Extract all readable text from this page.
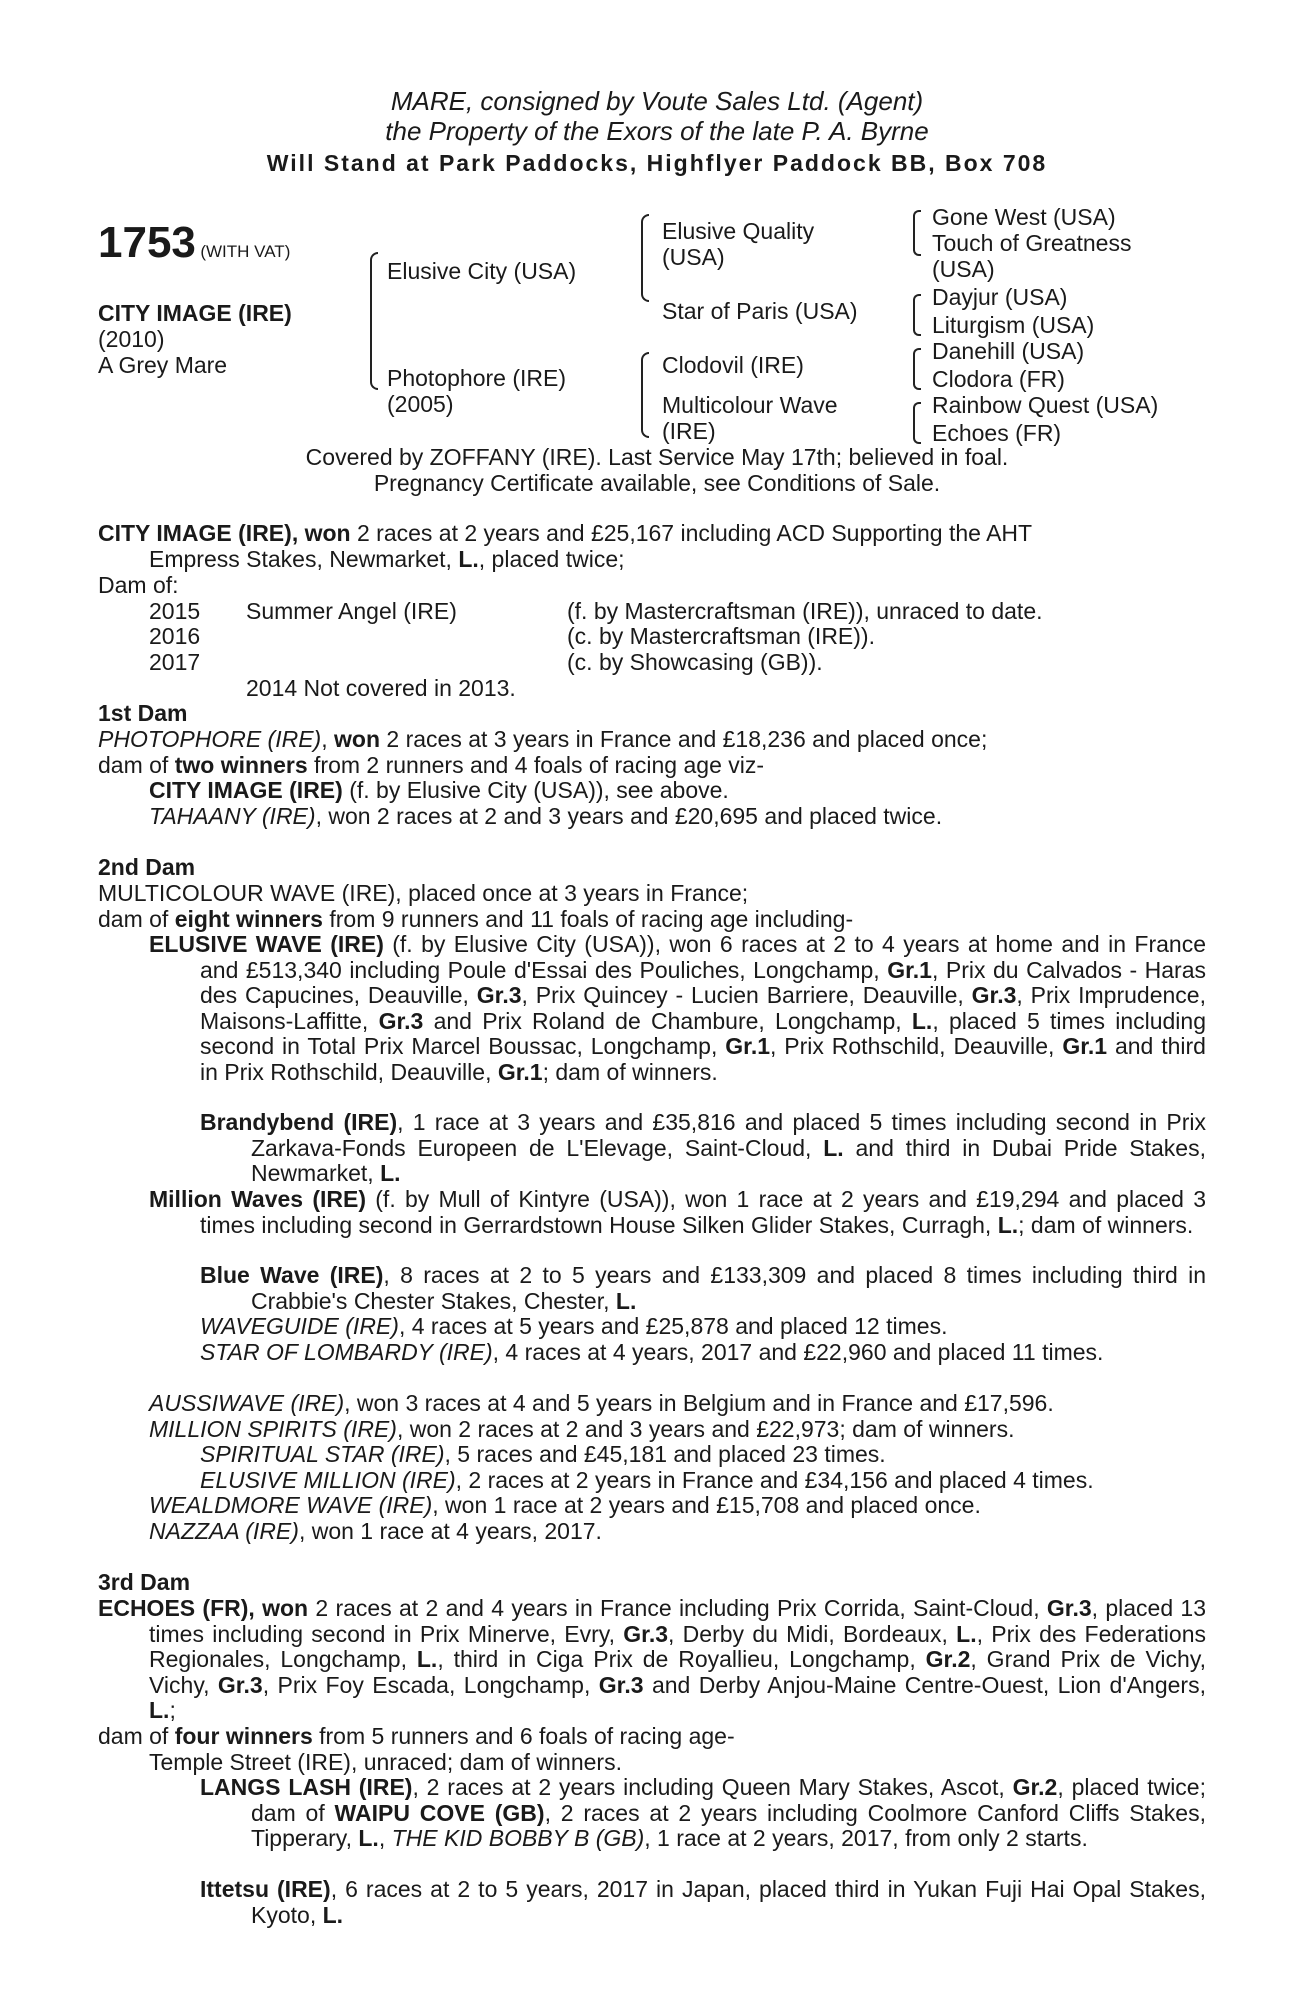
MARE, consigned by Voute Sales Ltd. (Agent)
the Property of the Exors of the late P. A. Byrne
Will Stand at Park Paddocks, Highflyer Paddock BB, Box 708
1753 (WITH VAT)
CITY IMAGE (IRE)
(2010)
A Grey Mare
Elusive City (USA)
Photophore (IRE)
(2005)
Elusive Quality
(USA)
Star of Paris (USA)
Clodovil (IRE)
Multicolour Wave
(IRE)
Gone West (USA)
Touch of Greatness
(USA)
Dayjur (USA)
Liturgism (USA)
Danehill (USA)
Clodora (FR)
Rainbow Quest (USA)
Echoes (FR)
Covered by ZOFFANY (IRE). Last Service May 17th; believed in foal.
Pregnancy Certificate available, see Conditions of Sale.
CITY IMAGE (IRE), won 2 races at 2 years and £25,167 including ACD Supporting the AHT
Empress Stakes, Newmarket, L., placed twice;
Dam of:
2015 Summer Angel (IRE)	(f. by Mastercraftsman (IRE)), unraced to date.
2016	(c. by Mastercraftsman (IRE)).
2017	(c. by Showcasing (GB)).
2014 Not covered in 2013.
1st Dam
PHOTOPHORE (IRE), won 2 races at 3 years in France and £18,236 and placed once;
dam of two winners from 2 runners and 4 foals of racing age viz-
CITY IMAGE (IRE) (f. by Elusive City (USA)), see above.
TAHAANY (IRE), won 2 races at 2 and 3 years and £20,695 and placed twice.
2nd Dam
MULTICOLOUR WAVE (IRE), placed once at 3 years in France;
dam of eight winners from 9 runners and 11 foals of racing age including-

ELUSIVE WAVE (IRE) (f. by Elusive City (USA)), won 6 races at 2 to 4 years at home and in France and £513,340 including Poule d'Essai des Pouliches, Longchamp, Gr.1, Prix du Calvados - Haras des Capucines, Deauville, Gr.3, Prix Quincey - Lucien Barriere, Deauville, Gr.3, Prix Imprudence, Maisons-Laffitte, Gr.3 and Prix Roland de Chambure, Longchamp, L., placed 5 times including second in Total Prix Marcel Boussac, Longchamp, Gr.1, Prix Rothschild, Deauville, Gr.1 and third in Prix Rothschild, Deauville, Gr.1; dam of winners.

Brandybend (IRE), 1 race at 3 years and £35,816 and placed 5 times including second in Prix Zarkava-Fonds Europeen de L'Elevage, Saint-Cloud, L. and third in Dubai Pride Stakes, Newmarket, L.

Million Waves (IRE) (f. by Mull of Kintyre (USA)), won 1 race at 2 years and £19,294 and placed 3 times including second in Gerrardstown House Silken Glider Stakes, Curragh, L.; dam of winners.

Blue Wave (IRE), 8 races at 2 to 5 years and £133,309 and placed 8 times including third in Crabbie's Chester Stakes, Chester, L.

WAVEGUIDE (IRE), 4 races at 5 years and £25,878 and placed 12 times.

STAR OF LOMBARDY (IRE), 4 races at 4 years, 2017 and £22,960 and placed 11 times.

AUSSIWAVE (IRE), won 3 races at 4 and 5 years in Belgium and in France and £17,596.
MILLION SPIRITS (IRE), won 2 races at 2 and 3 years and £22,973; dam of winners.
SPIRITUAL STAR (IRE), 5 races and £45,181 and placed 23 times.
ELUSIVE MILLION (IRE), 2 races at 2 years in France and £34,156 and placed 4 times.
WEALDMORE WAVE (IRE), won 1 race at 2 years and £15,708 and placed once.
NAZZAA (IRE), won 1 race at 4 years, 2017.
3rd Dam

ECHOES (FR), won 2 races at 2 and 4 years in France including Prix Corrida, Saint-Cloud, Gr.3, placed 13 times including second in Prix Minerve, Evry, Gr.3, Derby du Midi, Bordeaux, L., Prix des Federations Regionales, Longchamp, L., third in Ciga Prix de Royallieu, Longchamp, Gr.2, Grand Prix de Vichy, Vichy, Gr.3, Prix Foy Escada, Longchamp, Gr.3 and Derby Anjou-Maine Centre-Ouest, Lion d'Angers, L.;

dam of four winners from 5 runners and 6 foals of racing age-
Temple Street (IRE), unraced; dam of winners.

LANGS LASH (IRE), 2 races at 2 years including Queen Mary Stakes, Ascot, Gr.2, placed twice; dam of WAIPU COVE (GB), 2 races at 2 years including Coolmore Canford Cliffs Stakes, Tipperary, L., THE KID BOBBY B (GB), 1 race at 2 years, 2017, from only 2 starts.

Ittetsu (IRE), 6 races at 2 to 5 years, 2017 in Japan, placed third in Yukan Fuji Hai Opal Stakes, Kyoto, L.
